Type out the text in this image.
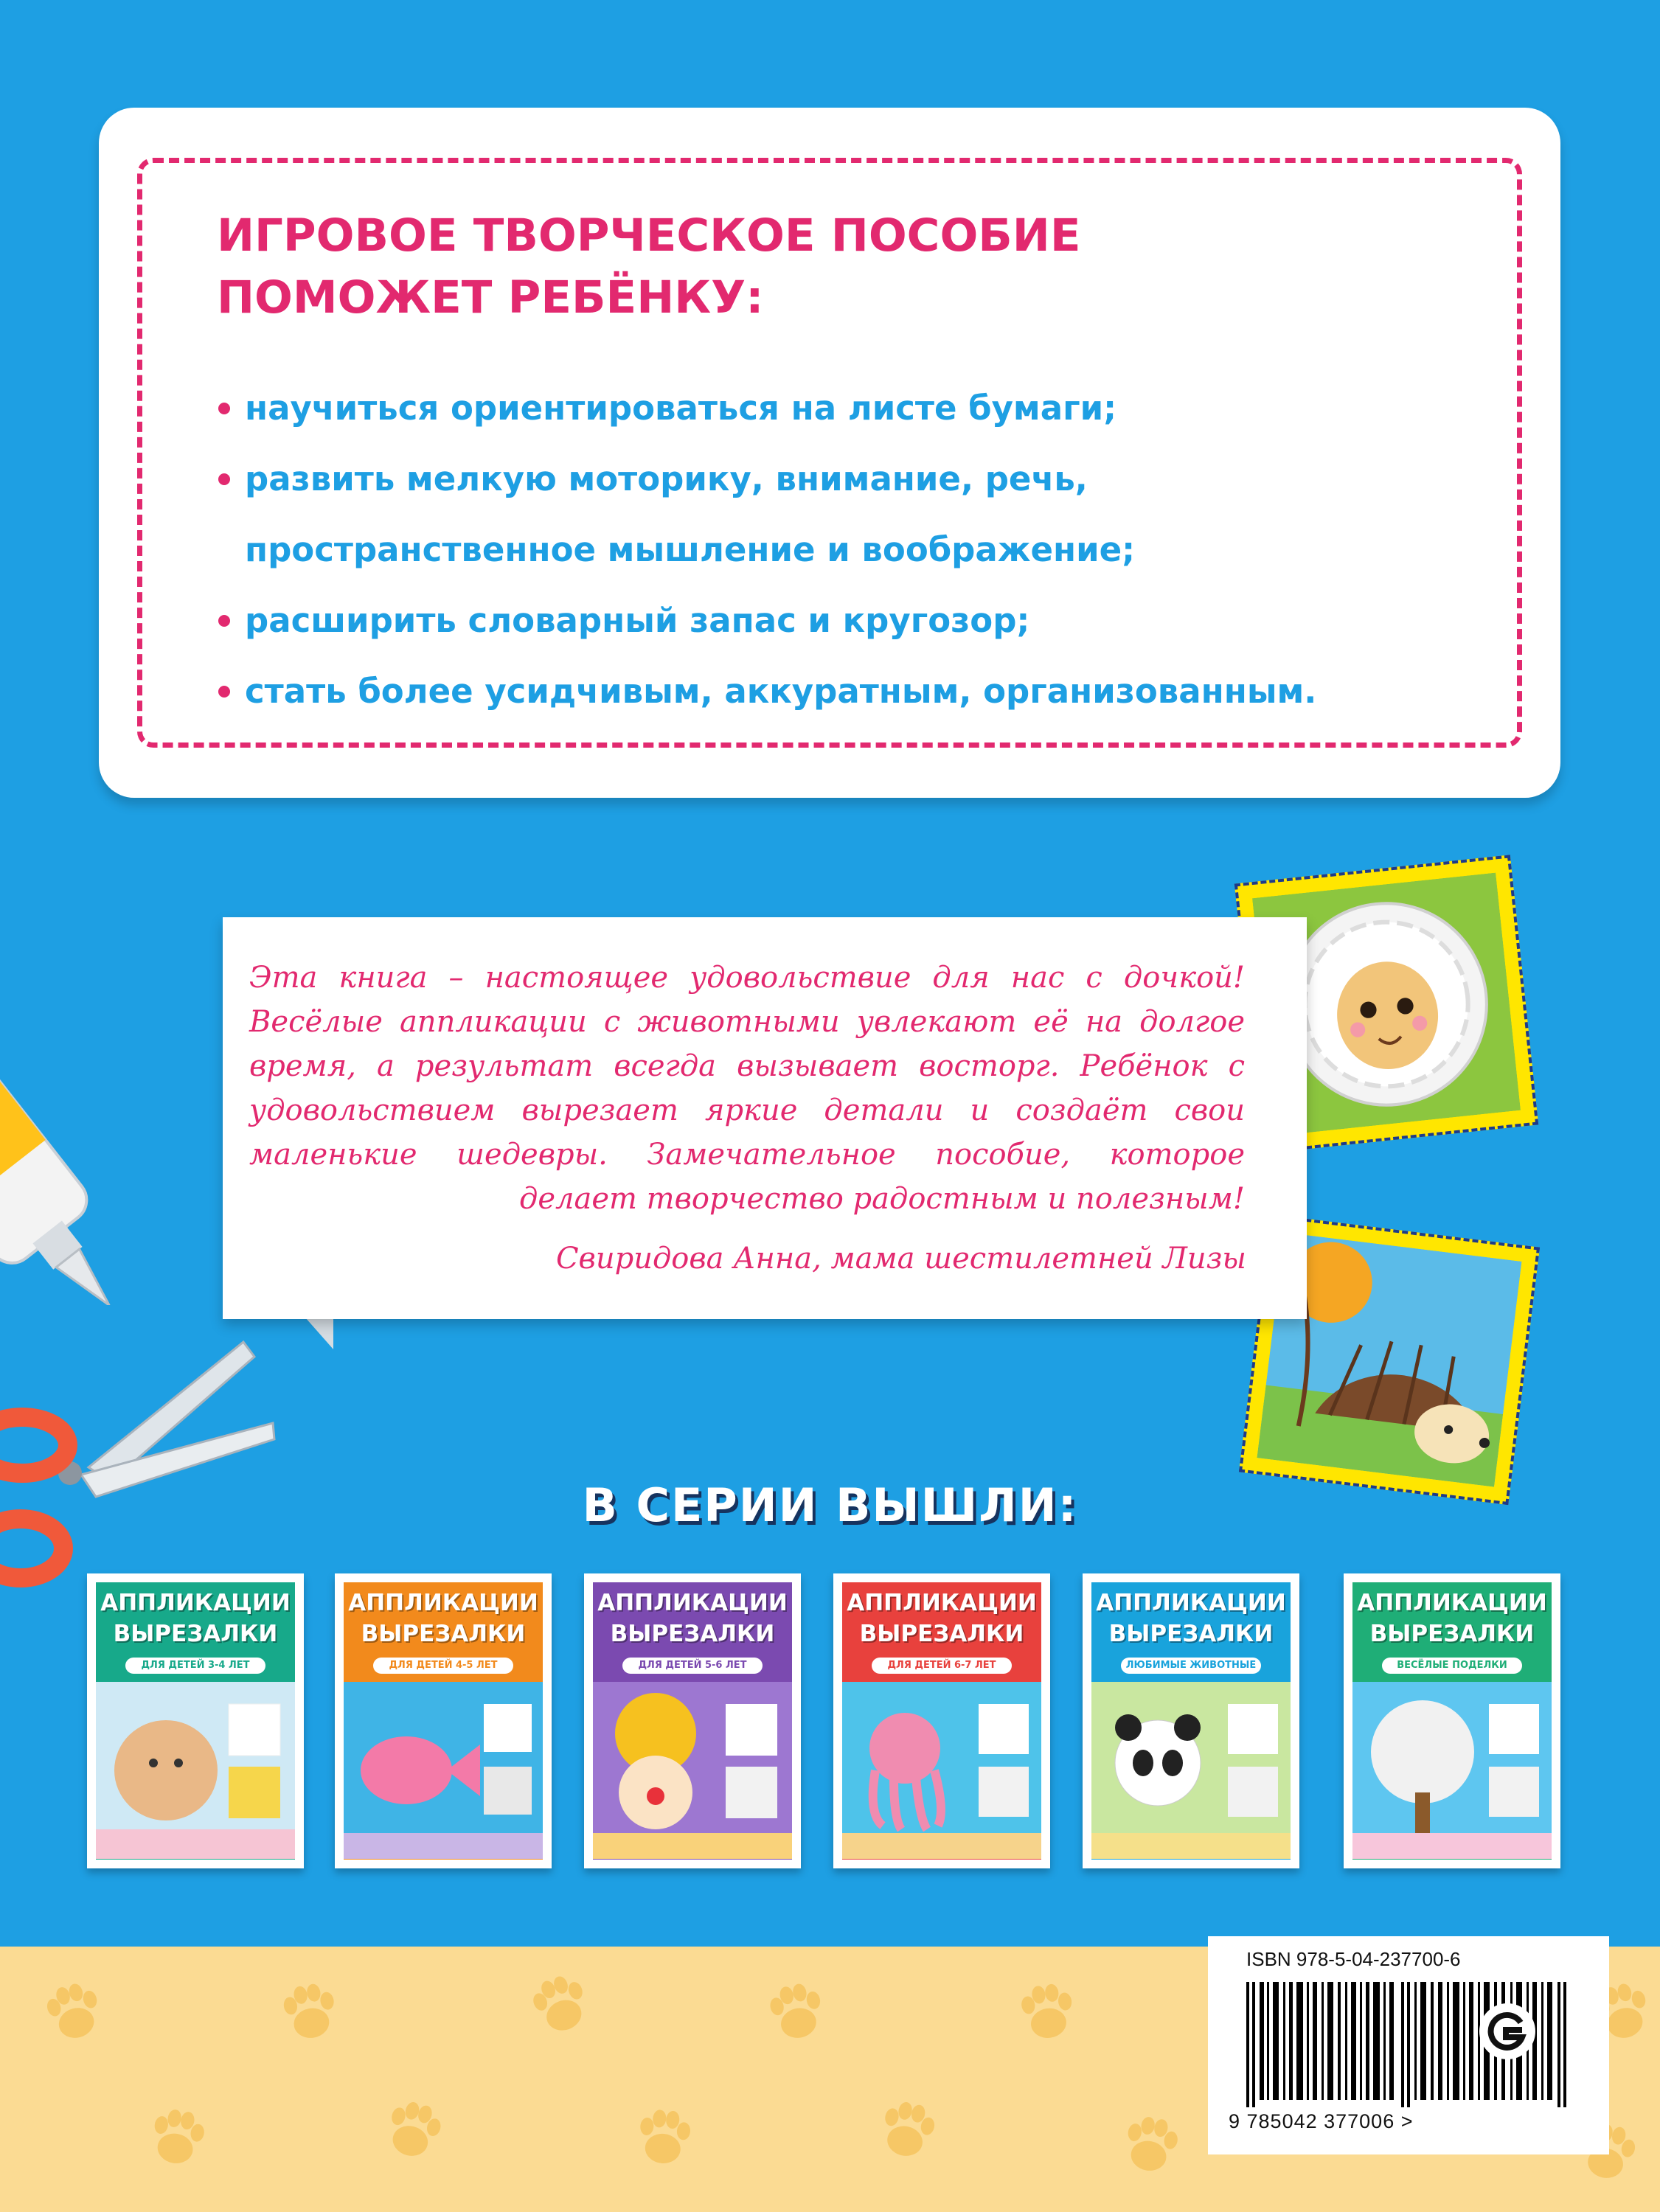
ИГРОВОЕ ТВОРЧЕСКОЕ ПОСОБИЕ
ПОМОЖЕТ РЕБЁНКУ:
научиться ориентироваться на листе бумаги;
развить мелкую моторику, внимание, речь,
пространственное мышление и воображение;
расширить словарный запас и кругозор;
стать более усидчивым, аккуратным, организованным.

Эта книга – настоящее удовольствие для нас с дочкой! Весёлые аппликации с животными увлекают её на долгое время, а результат всегда вызывает восторг. Ребёнок с удовольствием вырезает яркие детали и создаёт свои маленькие шедевры. Замечательное пособие, которое делает творчество радостным и полезным!

Свиридова Анна, мама шестилетней Лизы

В СЕРИИ ВЫШЛИ:
АППЛИКАЦИИ
ВЫРЕЗАЛКИ
ДЛЯ ДЕТЕЙ 3-4 ЛЕТ
АППЛИКАЦИИ
ВЫРЕЗАЛКИ
ДЛЯ ДЕТЕЙ 4-5 ЛЕТ
АППЛИКАЦИИ
ВЫРЕЗАЛКИ
ДЛЯ ДЕТЕЙ 5-6 ЛЕТ
АППЛИКАЦИИ
ВЫРЕЗАЛКИ
ДЛЯ ДЕТЕЙ 6-7 ЛЕТ
АППЛИКАЦИИ
ВЫРЕЗАЛКИ
ЛЮБИМЫЕ ЖИВОТНЫЕ
АППЛИКАЦИИ
ВЫРЕЗАЛКИ
ВЕСЁЛЫЕ ПОДЕЛКИ

ISBN 978-5-04-237700-6

9 785042 377006 >
